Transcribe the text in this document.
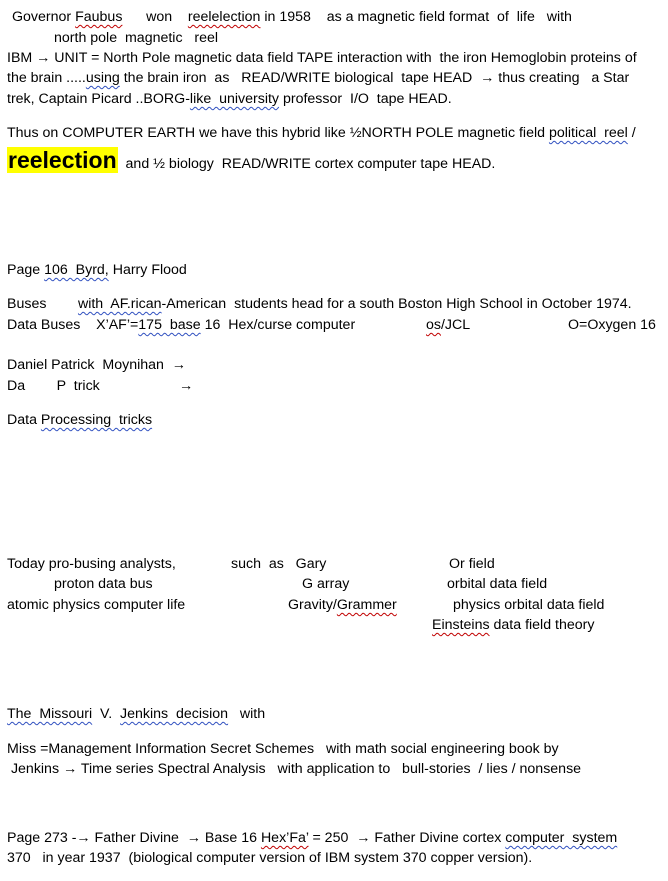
Governor Faubus      won    reelelection in 1958    as a magnetic field format  of  life   with
north pole  magnetic   reel
IBM → UNIT = North Pole magnetic data field TAPE interaction with  the iron Hemoglobin proteins of
the brain .....using the brain iron  as   READ/WRITE biological  tape HEAD  → thus creating   a Star
trek, Captain Picard ..BORG-like  university professor  I/O  tape HEAD.
Thus on COMPUTER EARTH we have this hybrid like ½NORTH POLE magnetic field political  reel /
reelection  and ½ biology  READ/WRITE cortex computer tape HEAD.
Page 106  Byrd, Harry Flood
Buses        with  AF.rican-American  students head for a south Boston High School in October 1974.
Data Buses    X’AF’=175  base 16  Hex/curse computer	os/JCL	O=Oxygen 16
Daniel Patrick  Moynihan  →
Da        P  trick	→
Data Processing  tricks
Today pro-busing analysts,	such  as   Gary	Or field
proton data bus	G array	orbital data field
atomic physics computer life	Gravity/Grammer	physics orbital data field
Einsteins data field theory
The  Missouri  V.  Jenkins  decision   with
Miss =Management Information Secret Schemes   with math social engineering book by
Jenkins → Time series Spectral Analysis   with application to   bull-stories  / lies / nonsense
Page 273 -→ Father Divine  → Base 16 Hex’Fa’ = 250  → Father Divine cortex computer  system
370   in year 1937  (biological computer version of IBM system 370 copper version).
